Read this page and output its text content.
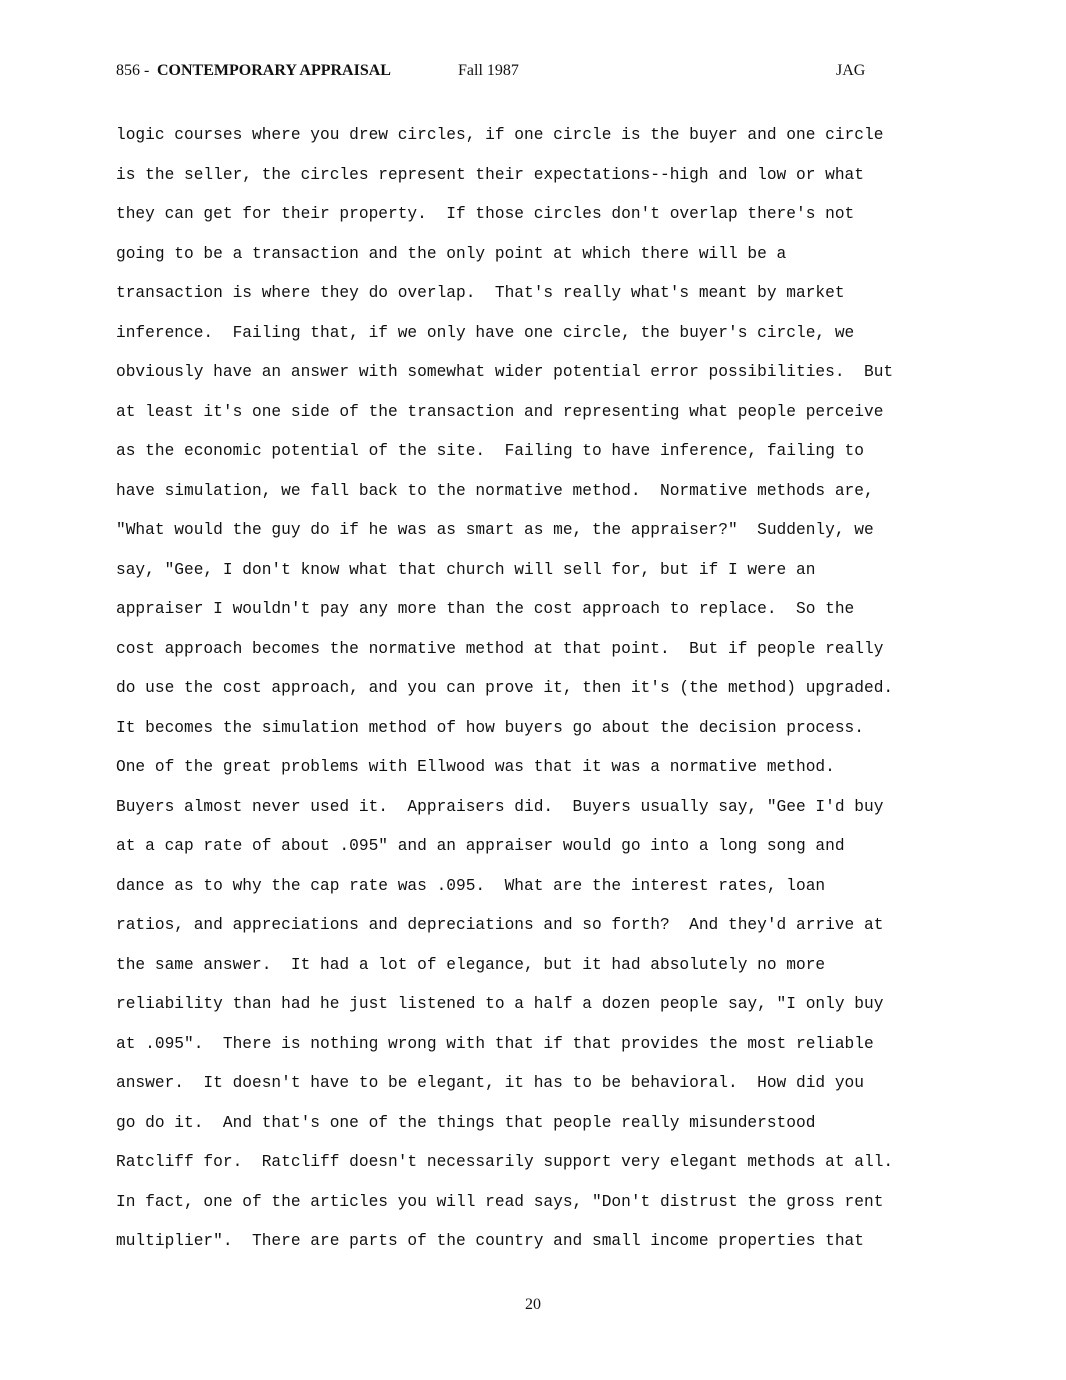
856 - CONTEMPORARY APPRAISAL	Fall 1987	JAG
logic courses where you drew circles, if one circle is the buyer and one circle
is the seller, the circles represent their expectations--high and low or what
they can get for their property.  If those circles don't overlap there's not
going to be a transaction and the only point at which there will be a
transaction is where they do overlap.  That's really what's meant by market
inference.  Failing that, if we only have one circle, the buyer's circle, we
obviously have an answer with somewhat wider potential error possibilities.  But
at least it's one side of the transaction and representing what people perceive
as the economic potential of the site.  Failing to have inference, failing to
have simulation, we fall back to the normative method.  Normative methods are,
"What would the guy do if he was as smart as me, the appraiser?"  Suddenly, we
say, "Gee, I don't know what that church will sell for, but if I were an
appraiser I wouldn't pay any more than the cost approach to replace.  So the
cost approach becomes the normative method at that point.  But if people really
do use the cost approach, and you can prove it, then it's (the method) upgraded.
It becomes the simulation method of how buyers go about the decision process.
One of the great problems with Ellwood was that it was a normative method.
Buyers almost never used it.  Appraisers did.  Buyers usually say, "Gee I'd buy
at a cap rate of about .095" and an appraiser would go into a long song and
dance as to why the cap rate was .095.  What are the interest rates, loan
ratios, and appreciations and depreciations and so forth?  And they'd arrive at
the same answer.  It had a lot of elegance, but it had absolutely no more
reliability than had he just listened to a half a dozen people say, "I only buy
at .095".  There is nothing wrong with that if that provides the most reliable
answer.  It doesn't have to be elegant, it has to be behavioral.  How did you
go do it.  And that's one of the things that people really misunderstood
Ratcliff for.  Ratcliff doesn't necessarily support very elegant methods at all.
In fact, one of the articles you will read says, "Don't distrust the gross rent
multiplier".  There are parts of the country and small income properties that
20
